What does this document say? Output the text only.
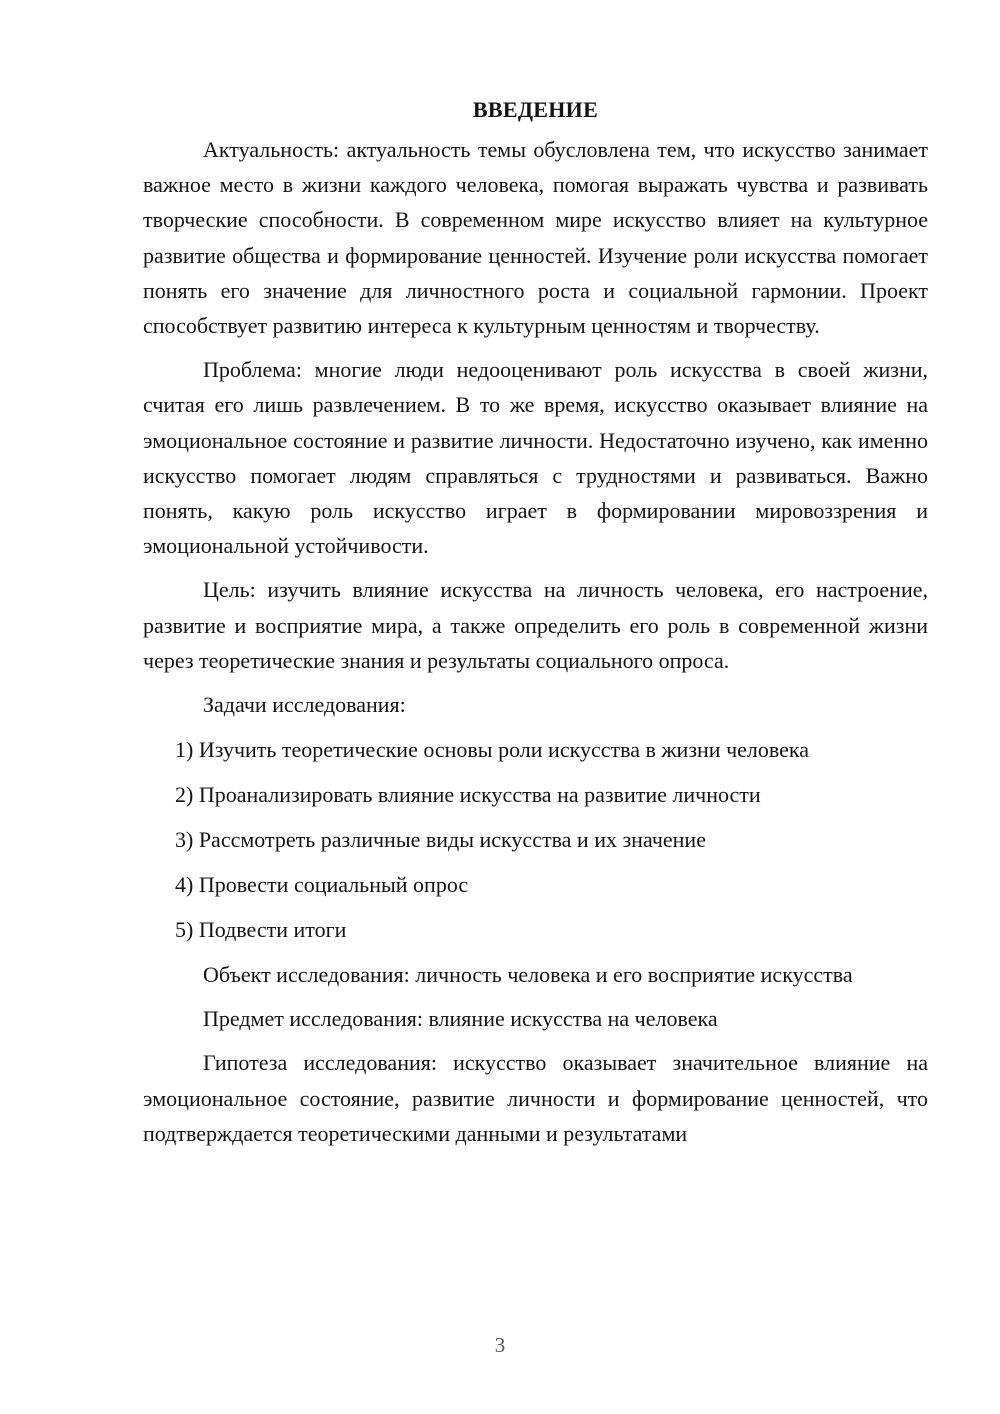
ВВЕДЕНИЕ

Актуальность: актуальность темы обусловлена тем, что искусство занимает важное место в жизни каждого человека, помогая выражать чувства и развивать творческие способности. В современном мире искусство влияет на культурное развитие общества и формирование ценностей. Изучение роли искусства помогает понять его значение для личностного роста и социальной гармонии. Проект способствует развитию интереса к культурным ценностям и творчеству.

Проблема: многие люди недооценивают роль искусства в своей жизни, считая его лишь развлечением. В то же время, искусство оказывает влияние на эмоциональное состояние и развитие личности. Недостаточно изучено, как именно искусство помогает людям справляться с трудностями и развиваться. Важно понять, какую роль искусство играет в формировании мировоззрения и эмоциональной устойчивости.

Цель: изучить влияние искусства на личность человека, его настроение, развитие и восприятие мира, а также определить его роль в современной жизни через теоретические знания и результаты социального опроса.

Задачи исследования:

1) Изучить теоретические основы роли искусства в жизни человека

2) Проанализировать влияние искусства на развитие личности

3) Рассмотреть различные виды искусства и их значение

4) Провести социальный опрос

5) Подвести итоги

Объект исследования: личность человека и его восприятие искусства

Предмет исследования: влияние искусства на человека

Гипотеза исследования: искусство оказывает значительное влияние на эмоциональное состояние, развитие личности и формирование ценностей, что подтверждается теоретическими данными и результатами

3
